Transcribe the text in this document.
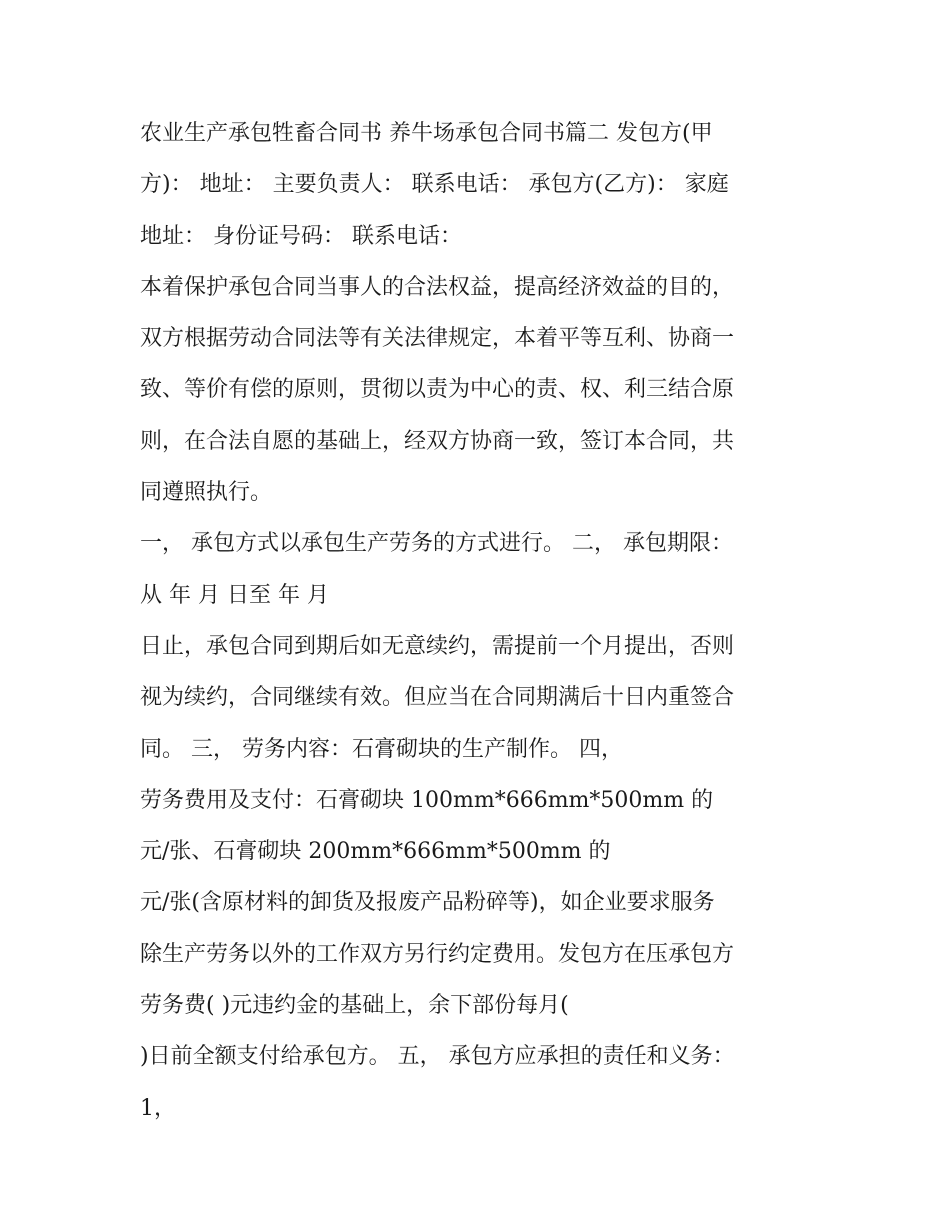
农业生产承包牲畜合同书 养牛场承包合同书篇二 发包方(甲
方)： 地址： 主要负责人： 联系电话： 承包方(乙方)： 家庭
地址： 身份证号码： 联系电话：
本着保护承包合同当事人的合法权益，提高经济效益的目的，
双方根据劳动合同法等有关法律规定，本着平等互利、协商一
致、等价有偿的原则，贯彻以责为中心的责、权、利三结合原
则，在合法自愿的基础上，经双方协商一致，签订本合同，共
同遵照执行。
一， 承包方式以承包生产劳务的方式进行。 二， 承包期限：
从 年 月 日至 年 月
日止，承包合同到期后如无意续约，需提前一个月提出，否则
视为续约，合同继续有效。但应当在合同期满后十日内重签合
同。 三， 劳务内容：石膏砌块的生产制作。 四，
劳务费用及支付：石膏砌块 100mm*666mm*500mm 的
元/张、石膏砌块 200mm*666mm*500mm 的
元/张(含原材料的卸货及报废产品粉碎等)，如企业要求服务
除生产劳务以外的工作双方另行约定费用。发包方在压承包方
劳务费( )元违约金的基础上，余下部份每月(
)日前全额支付给承包方。 五， 承包方应承担的责任和义务：
1，
